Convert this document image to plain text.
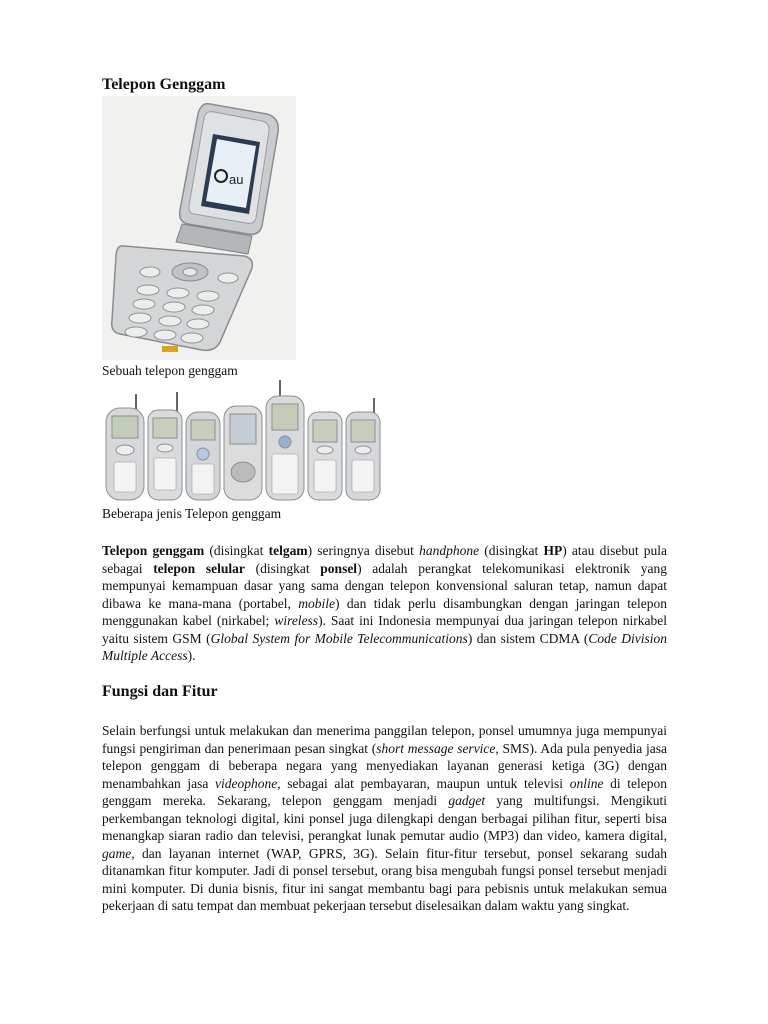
Telepon Genggam
au
Sebuah telepon genggam
Beberapa jenis Telepon genggam

Telepon genggam (disingkat telgam) seringnya disebut handphone (disingkat HP) atau disebut pula sebagai telepon selular (disingkat ponsel) adalah perangkat telekomunikasi elektronik yang mempunyai kemampuan dasar yang sama dengan telepon konvensional saluran tetap, namun dapat dibawa ke mana-mana (portabel, mobile) dan tidak perlu disambungkan dengan jaringan telepon menggunakan kabel (nirkabel; wireless). Saat ini Indonesia mempunyai dua jaringan telepon nirkabel yaitu sistem GSM (Global System for Mobile Telecommunications) dan sistem CDMA (Code Division Multiple Access).

Fungsi dan Fitur

Selain berfungsi untuk melakukan dan menerima panggilan telepon, ponsel umumnya juga mempunyai fungsi pengiriman dan penerimaan pesan singkat (short message service, SMS). Ada pula penyedia jasa telepon genggam di beberapa negara yang menyediakan layanan generasi ketiga (3G) dengan menambahkan jasa videophone, sebagai alat pembayaran, maupun untuk televisi online di telepon genggam mereka. Sekarang, telepon genggam menjadi gadget yang multifungsi. Mengikuti perkembangan teknologi digital, kini ponsel juga dilengkapi dengan berbagai pilihan fitur, seperti bisa menangkap siaran radio dan televisi, perangkat lunak pemutar audio (MP3) dan video, kamera digital, game, dan layanan internet (WAP, GPRS, 3G). Selain fitur-fitur tersebut, ponsel sekarang sudah ditanamkan fitur komputer. Jadi di ponsel tersebut, orang bisa mengubah fungsi ponsel tersebut menjadi mini komputer. Di dunia bisnis, fitur ini sangat membantu bagi para pebisnis untuk melakukan semua pekerjaan di satu tempat dan membuat pekerjaan tersebut diselesaikan dalam waktu yang singkat.
